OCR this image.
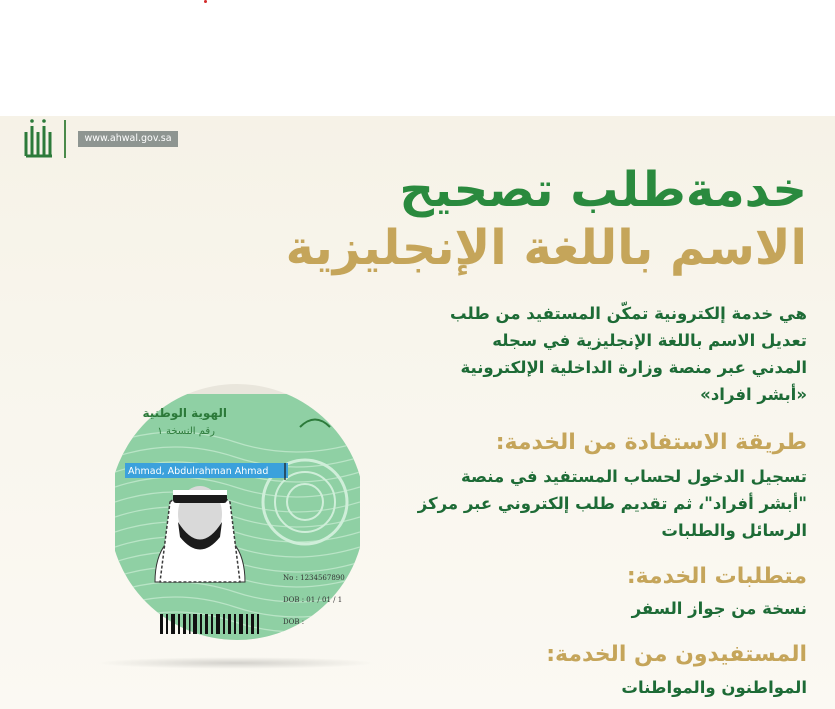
www.ahwal.gov.sa
خدمةطلب تصحيح
الاسم باللغة الإنجليزية
هي خدمة إلكترونية تمكّن المستفيد من طلب
تعديل الاسم باللغة الإنجليزية في سجله
المدني عبر منصة وزارة الداخلية الإلكترونية
«أبشر افراد»
طريقة الاستفادة من الخدمة:
تسجيل الدخول لحساب المستفيد في منصة
"أبشر أفراد"، ثم تقديم طلب إلكتروني عبر مركز
الرسائل والطلبات
متطلبات الخدمة:
نسخة من جواز السفر
المستفيدون من الخدمة:
المواطنون والمواطنات
الهوية الوطنية
رقم النسخة ١
Ahmad, Abdulrahman Ahmad
No : 1234567890
DOB : 01 / 01 / 1
DOB :
